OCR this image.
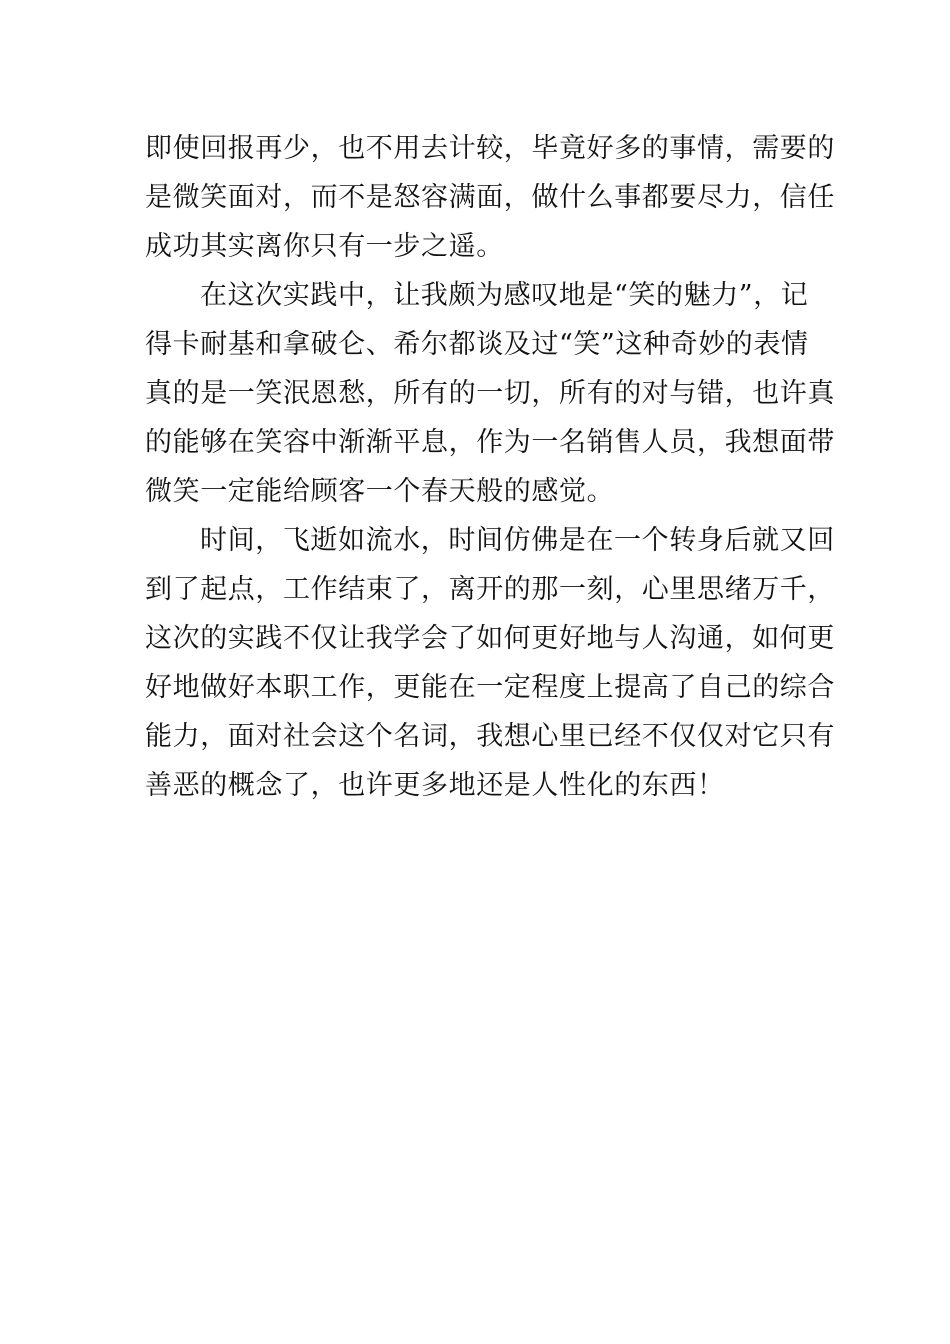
即使回报再少，也不用去计较，毕竟好多的事情，需要的
是微笑面对，而不是怒容满面，做什么事都要尽力，信任
成功其实离你只有一步之遥。
在这次实践中，让我颇为感叹地是“笑的魅力”，记
得卡耐基和拿破仑、希尔都谈及过“笑”这种奇妙的表情
真的是一笑泯恩愁，所有的一切，所有的对与错，也许真
的能够在笑容中渐渐平息，作为一名销售人员，我想面带
微笑一定能给顾客一个春天般的感觉。
时间，飞逝如流水，时间仿佛是在一个转身后就又回
到了起点，工作结束了，离开的那一刻，心里思绪万千，
这次的实践不仅让我学会了如何更好地与人沟通，如何更
好地做好本职工作，更能在一定程度上提高了自己的综合
能力，面对社会这个名词，我想心里已经不仅仅对它只有
善恶的概念了，也许更多地还是人性化的东西！
